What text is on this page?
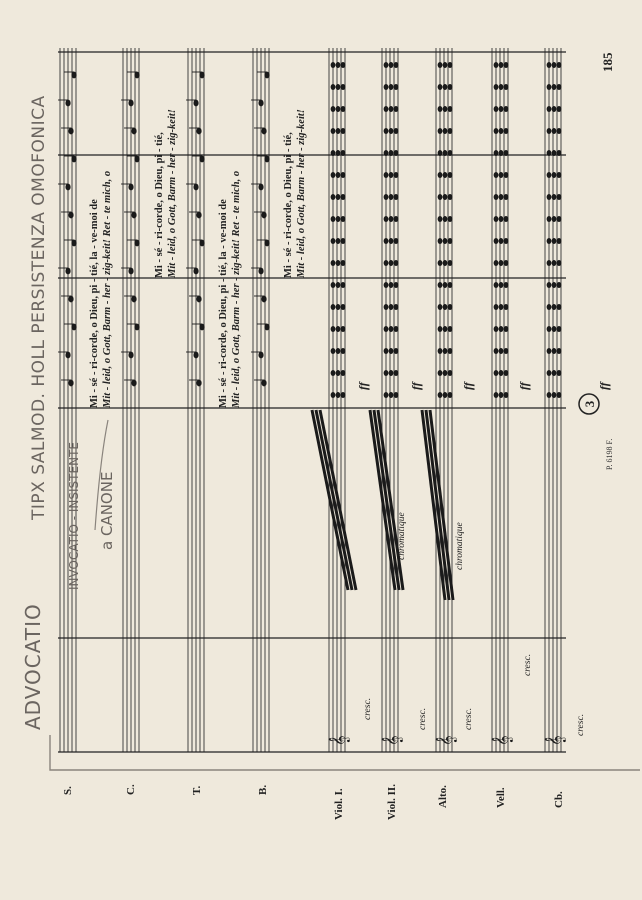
𝄞 𝄞 𝄞 𝄞 𝄞
S.	C.	T.	B.	Viol. I.	Viol. II.	Alto.	Vell.	Cb.
Mi - sé - ri-corde, o Dieu, pi - tié, la - ve-moi de Mit - leid, o Gott, Barm - her - zig-keit! Ret - te mich, o	Mi - sé - ri-corde, o Dieu, pi - tié, Mit - leid, o Gott, Barm - her - zig-keit!
Mi - sé - ri-corde, o Dieu, pi - tié, la - ve-moi de Mit - leid, o Gott, Barm - her - zig-keit! Ret - te mich, o	Mi - sé - ri-corde, o Dieu, pi - tié, Mit - leid, o Gott, Barm - her - zig-keit!
cresc.	cresc.	cresc.
cresc.
cresc.
chromatique	chromatique
ff	ff	ff	ff	ff
3
P. 6198 F.
185
ADVOCATIO
TIPX SALMOD. HOLL PERSISTENZA OMOFONICA INVOCATIO - INSISTENTE a CANONE
